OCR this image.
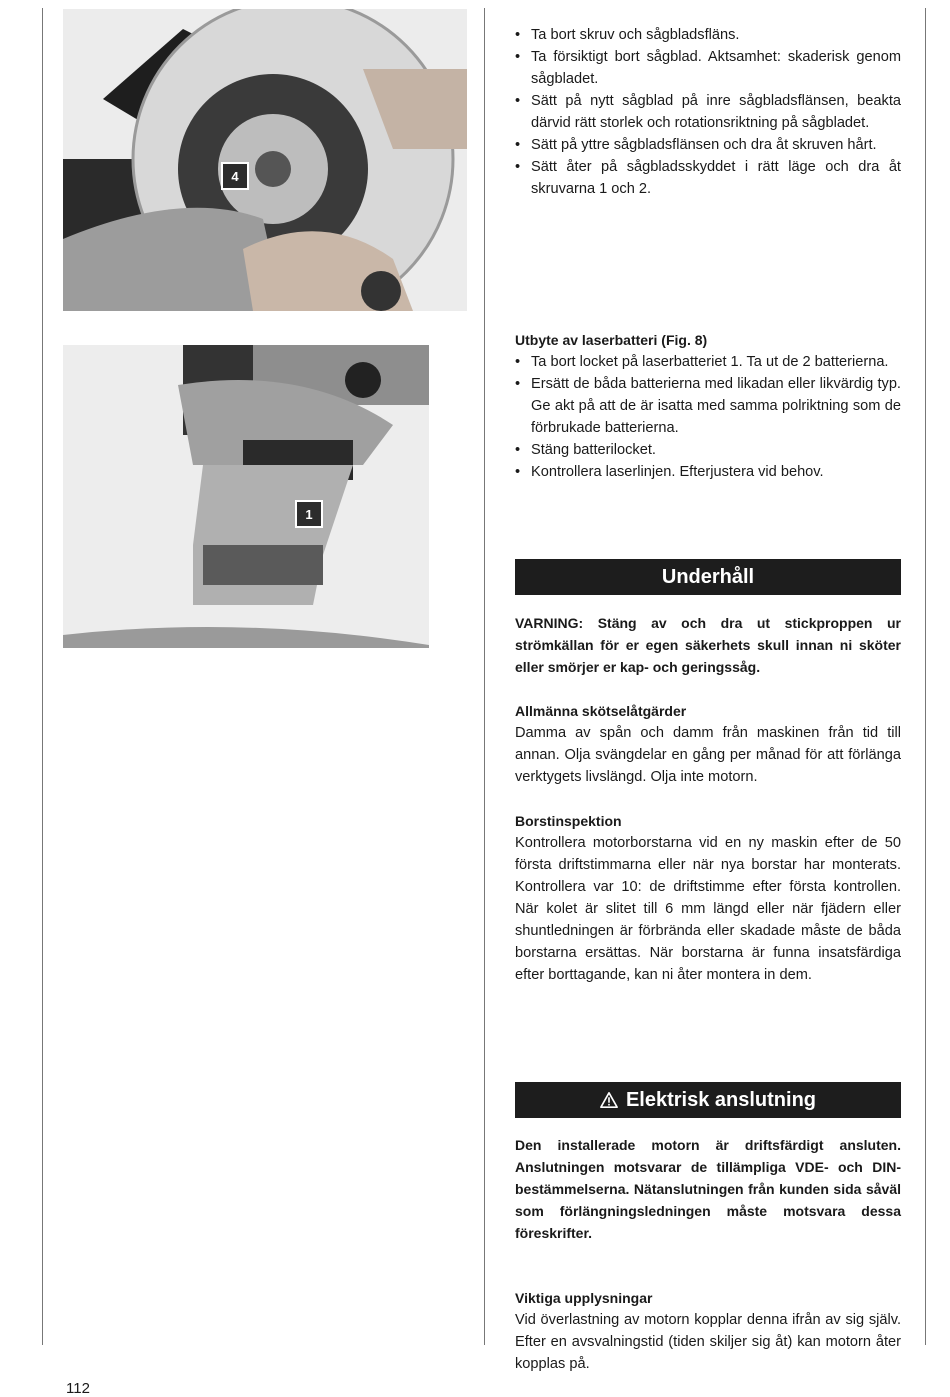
4
1
• Ta bort skruv och sågbladsfläns.
• Ta försiktigt bort sågblad. Aktsamhet: skaderisk genom sågbladet.
• Sätt på nytt sågblad på inre sågbladsflänsen, beakta därvid rätt storlek och rotationsriktning på sågbladet.
• Sätt på yttre sågbladsflänsen och dra åt skruven hårt.
• Sätt åter på sågbladsskyddet i rätt läge och dra åt skruvarna 1 och 2.
Utbyte av laserbatteri (Fig. 8)
• Ta bort locket på laserbatteriet 1. Ta ut de 2 batterierna.
• Ersätt de båda batterierna med likadan eller likvärdig typ. Ge akt på att de är isatta med samma polriktning som de förbrukade batterierna.
• Stäng batterilocket.
• Kontrollera laserlinjen. Efterjustera vid behov.
Underhåll
VARNING: Stäng av och dra ut stickproppen ur strömkällan för er egen säkerhets skull innan ni sköter eller smörjer er kap- och geringssåg.
Allmänna skötselåtgärder
Damma av spån och damm från maskinen från tid till annan. Olja svängdelar en gång per månad för att förlänga verktygets livslängd. Olja inte motorn.
Borstinspektion
Kontrollera motorborstarna vid en ny maskin efter de 50 första driftstimmarna eller när nya borstar har monterats. Kontrollera var 10: de driftstimme efter första kontrollen. När kolet är slitet till 6 mm längd eller när fjädern eller shuntledningen är förbrända eller skadade måste de båda borstarna ersättas. När borstarna är funna insatsfärdiga efter borttagande, kan ni åter montera in dem.
Elektrisk anslutning
Den installerade motorn är driftsfärdigt ansluten. Anslutningen motsvarar de tillämpliga VDE- och DIN-bestämmelserna. Nätanslutningen från kunden sida såväl som förlängningsledningen måste motsvara dessa föreskrifter.
Viktiga upplysningar
Vid överlastning av motorn kopplar denna ifrån av sig själv. Efter en avsvalningstid (tiden skiljer sig åt) kan motorn åter kopplas på.
112
